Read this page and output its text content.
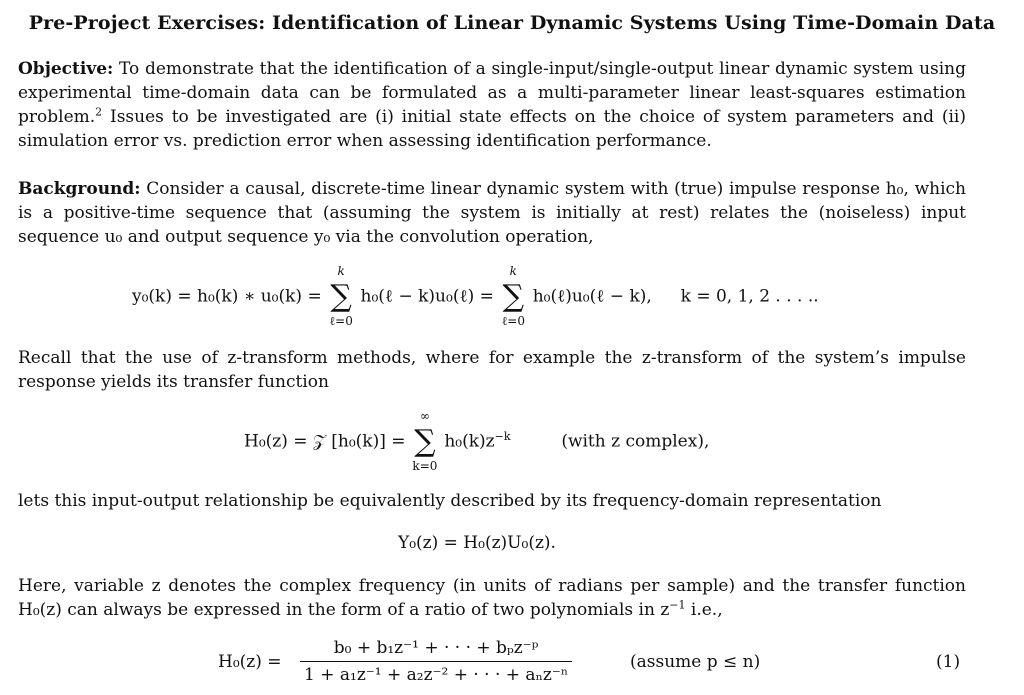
Pre-Project Exercises: Identification of Linear Dynamic Systems Using Time-Domain Data
Objective: To demonstrate that the identification of a single-input/single-output linear dynamic system using experimental time-domain data can be formulated as a multi-parameter linear least-squares estimation problem.$^2$ Issues to be investigated are (i) initial state effects on the choice of system parameters and (ii) simulation error vs. prediction error when assessing identification performance.
Background: Consider a causal, discrete-time linear dynamic system with (true) impulse response h₀, which is a positive-time sequence that (assuming the system is initially at rest) relates the (noiseless) input sequence u₀ and output sequence y₀ via the convolution operation,
y₀(k) = h₀(k) ∗ u₀(k) =
k
∑
ℓ=0
h₀(ℓ − k)u₀(ℓ) =
k
∑
ℓ=0
h₀(ℓ)u₀(ℓ − k), k = 0, 1, 2 . . . ..
Recall that the use of z-transform methods, where for example the z-transform of the system’s impulse response yields its transfer function
H₀(z) = 𝒵 [h₀(k)] =
∞
∑
k=0
$h_0(k)z^{-k}$	(with z complex),
lets this input-output relationship be equivalently described by its frequency-domain representation
Y₀(z) = H₀(z)U₀(z).
Here, variable z denotes the complex frequency (in units of radians per sample) and the transfer function H₀(z) can always be expressed in the form of a ratio of two polynomials in $z^{-1}$ i.e.,
H₀(z) =
b₀ + b₁z⁻¹ + · · · + bₚz⁻ᵖ
1 + a₁z⁻¹ + a₂z⁻² + · · · + aₙz⁻ⁿ
(assume p ≤ n)	(1)
